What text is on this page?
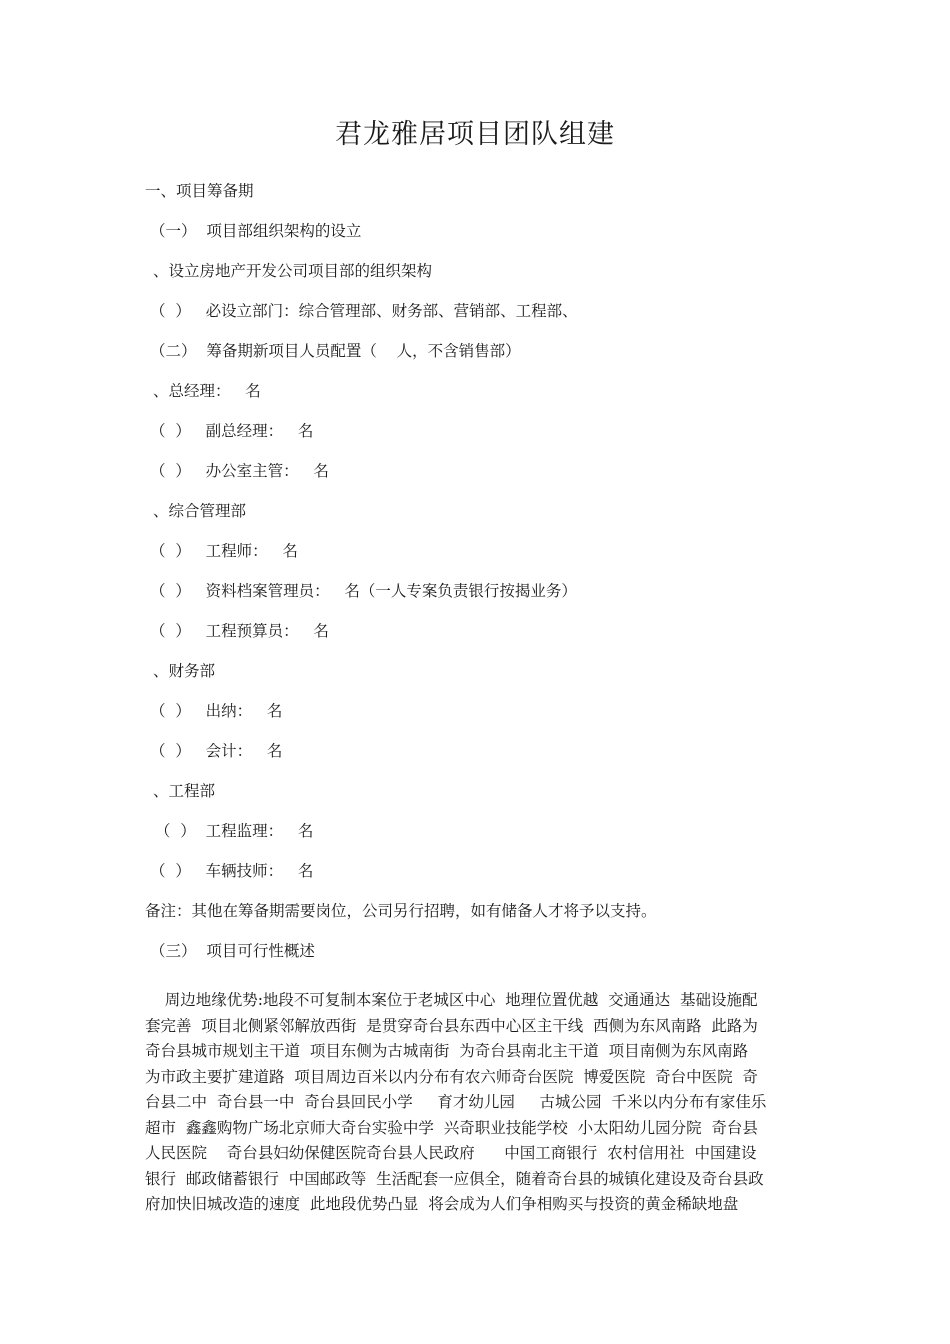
君龙雅居项目团队组建
一、项目筹备期
（一）  项目部组织架构的设立
、设立房地产开发公司项目部的组织架构
（  ）   必设立部门：综合管理部、财务部、营销部、工程部、
（二）  筹备期新项目人员配置（    人，不含销售部）
、总经理：   名
（  ）   副总经理：   名
（  ）   办公室主管：   名
、综合管理部
（  ）   工程师：   名
（  ）   资料档案管理员：   名（一人专案负责银行按揭业务）
（  ）   工程预算员：   名
、财务部
（  ）   出纳：   名
（  ）   会计：   名
、工程部
（  ）  工程监理：   名
（  ）   车辆技师：   名
备注：其他在筹备期需要岗位，公司另行招聘，如有储备人才将予以支持。
（三）  项目可行性概述

周边地缘优势:地段不可复制本案位于老城区中心  地理位置优越  交通通达  基础设施配

套完善  项目北侧紧邻解放西街  是贯穿奇台县东西中心区主干线  西侧为东风南路  此路为

奇台县城市规划主干道  项目东侧为古城南街  为奇台县南北主干道  项目南侧为东风南路

为市政主要扩建道路  项目周边百米以内分布有农六师奇台医院  博爱医院  奇台中医院  奇

台县二中  奇台县一中  奇台县回民小学     育才幼儿园     古城公园  千米以内分布有家佳乐

超市  鑫鑫购物广场北京师大奇台实验中学  兴奇职业技能学校  小太阳幼儿园分院  奇台县

人民医院    奇台县妇幼保健医院奇台县人民政府      中国工商银行  农村信用社  中国建设

银行  邮政储蓄银行  中国邮政等  生活配套一应俱全，随着奇台县的城镇化建设及奇台县政

府加快旧城改造的速度  此地段优势凸显  将会成为人们争相购买与投资的黄金稀缺地盘
